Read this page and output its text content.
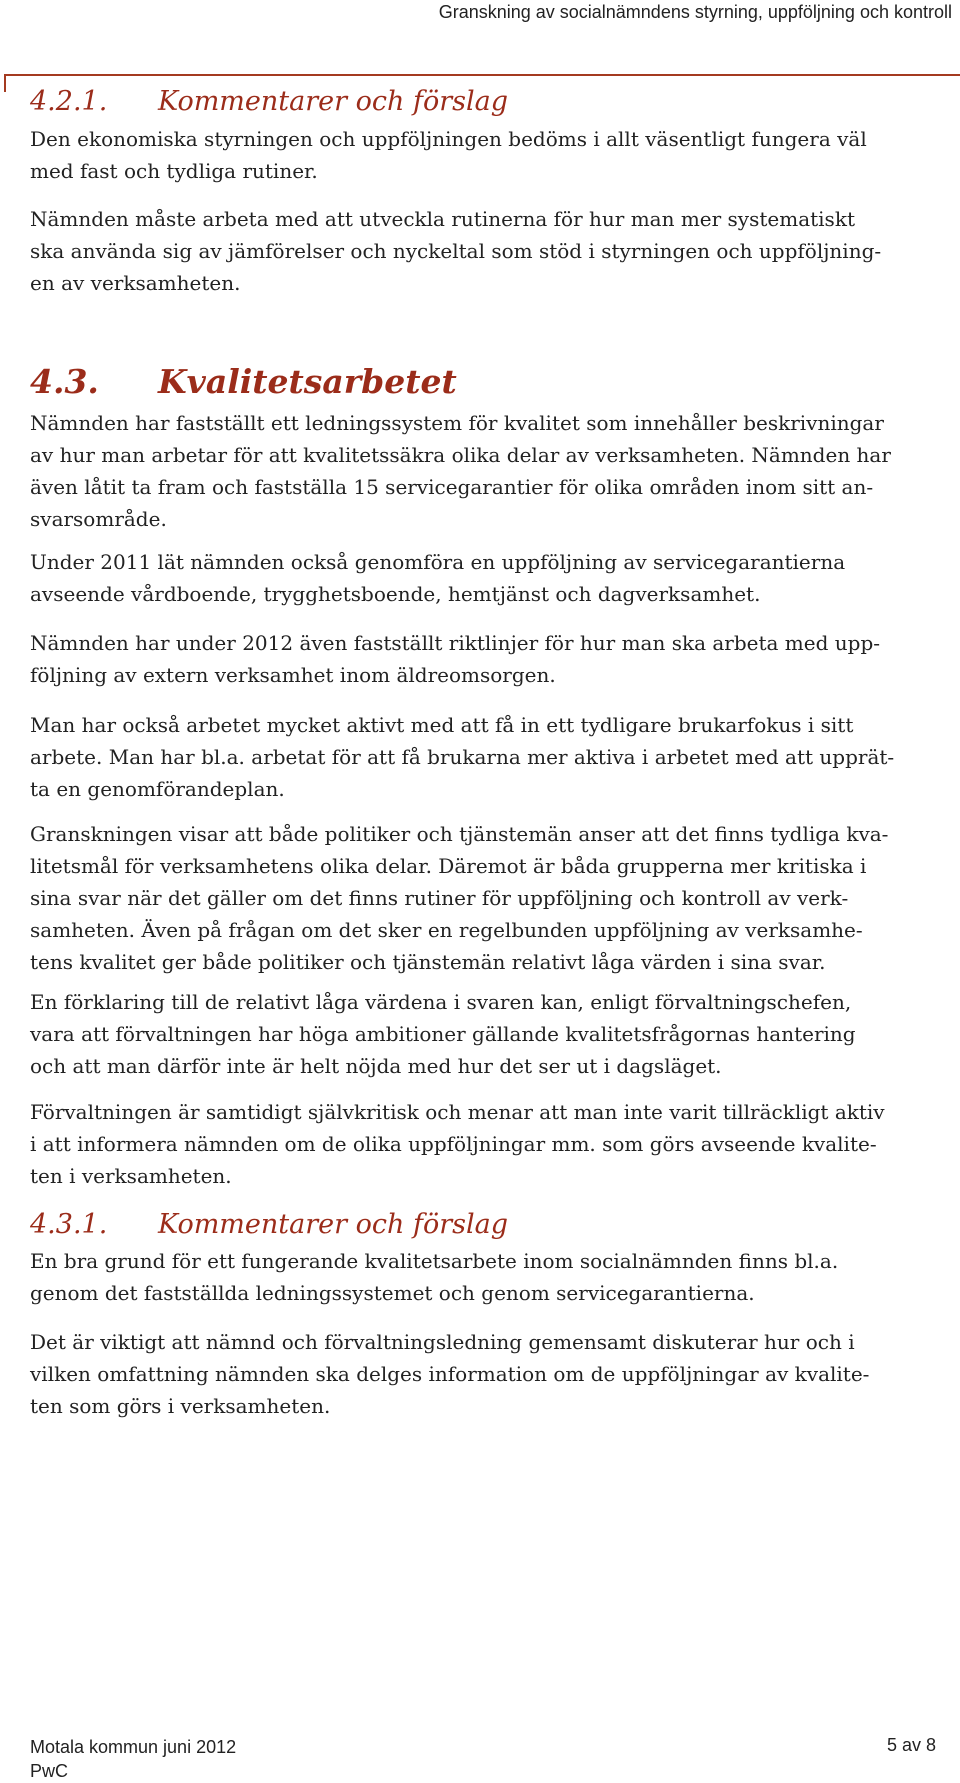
Granskning av socialnämndens styrning, uppföljning och kontroll
4.2.1. Kommentarer och förslag

Den ekonomiska styrningen och uppföljningen bedöms i allt väsentligt fungera väl
med fast och tydliga rutiner.

Nämnden måste arbeta med att utveckla rutinerna för hur man mer systematiskt
ska använda sig av jämförelser och nyckeltal som stöd i styrningen och uppföljning-
en av verksamheten.

4.3. Kvalitetsarbetet

Nämnden har fastställt ett ledningssystem för kvalitet som innehåller beskrivningar
av hur man arbetar för att kvalitetssäkra olika delar av verksamheten. Nämnden har
även låtit ta fram och fastställa 15 servicegarantier för olika områden inom sitt an-
svarsområde.

Under 2011 lät nämnden också genomföra en uppföljning av servicegarantierna
avseende vårdboende, trygghetsboende, hemtjänst och dagverksamhet.

Nämnden har under 2012 även fastställt riktlinjer för hur man ska arbeta med upp-
följning av extern verksamhet inom äldreomsorgen.

Man har också arbetet mycket aktivt med att få in ett tydligare brukarfokus i sitt
arbete. Man har bl.a. arbetat för att få brukarna mer aktiva i arbetet med att upprät-
ta en genomförandeplan.

Granskningen visar att både politiker och tjänstemän anser att det finns tydliga kva-
litetsmål för verksamhetens olika delar. Däremot är båda grupperna mer kritiska i
sina svar när det gäller om det finns rutiner för uppföljning och kontroll av verk-
samheten. Även på frågan om det sker en regelbunden uppföljning av verksamhe-
tens kvalitet ger både politiker och tjänstemän relativt låga värden i sina svar.

En förklaring till de relativt låga värdena i svaren kan, enligt förvaltningschefen,
vara att förvaltningen har höga ambitioner gällande kvalitetsfrågornas hantering
och att man därför inte är helt nöjda med hur det ser ut i dagsläget.

Förvaltningen är samtidigt självkritisk och menar att man inte varit tillräckligt aktiv
i att informera nämnden om de olika uppföljningar mm. som görs avseende kvalite-
ten i verksamheten.

4.3.1. Kommentarer och förslag

En bra grund för ett fungerande kvalitetsarbete inom socialnämnden finns bl.a.
genom det fastställda ledningssystemet och genom servicegarantierna.

Det är viktigt att nämnd och förvaltningsledning gemensamt diskuterar hur och i
vilken omfattning nämnden ska delges information om de uppföljningar av kvalite-
ten som görs i verksamheten.

Motala kommun juni 2012
PwC
5 av 8
